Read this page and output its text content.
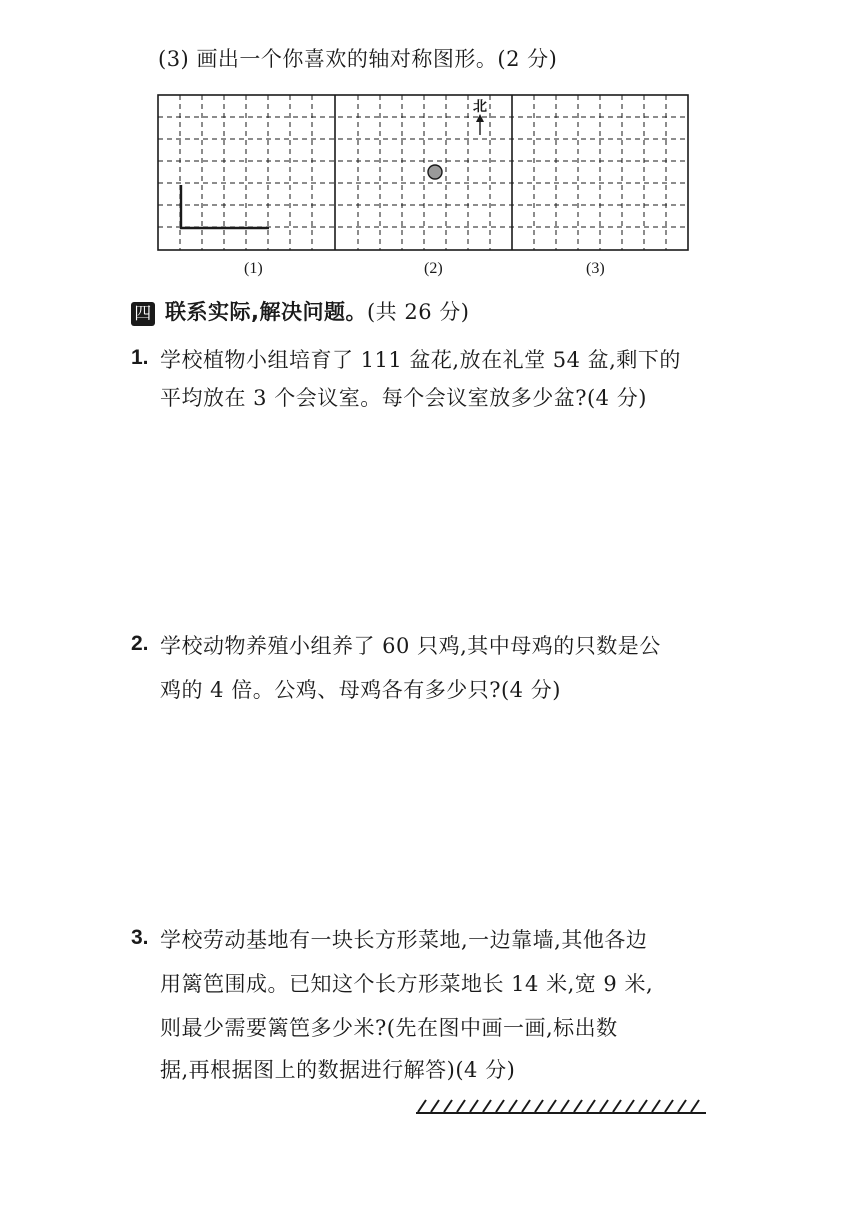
(3) 画出一个你喜欢的轴对称图形。(2 分)
北
(1)	(2)	(3)
四 联系实际,解决问题。(共 26 分)
1. 学校植物小组培育了 111 盆花,放在礼堂 54 盆,剩下的
平均放在 3 个会议室。每个会议室放多少盆?(4 分)
2. 学校动物养殖小组养了 60 只鸡,其中母鸡的只数是公
鸡的 4 倍。公鸡、母鸡各有多少只?(4 分)
3. 学校劳动基地有一块长方形菜地,一边靠墙,其他各边
用篱笆围成。已知这个长方形菜地长 14 米,宽 9 米,
则最少需要篱笆多少米?(先在图中画一画,标出数
据,再根据图上的数据进行解答)(4 分)
